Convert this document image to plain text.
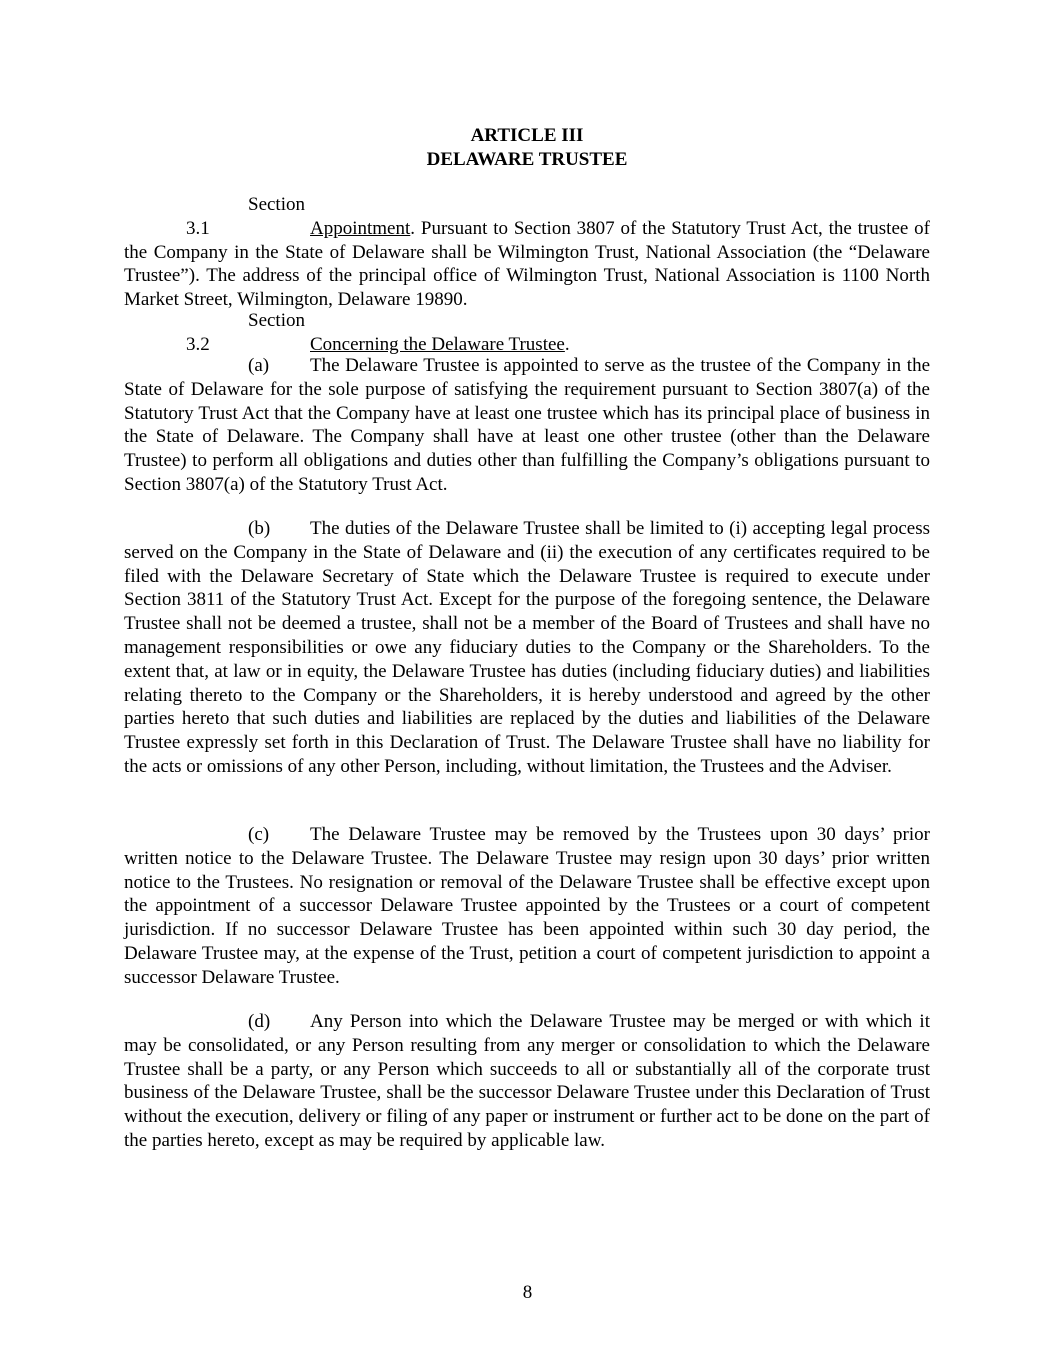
ARTICLE III
DELAWARE TRUSTEE
Section 3.1	Appointment. Pursuant to Section 3807 of the Statutory Trust Act, the trustee of the Company in the State of Delaware shall be Wilmington Trust, National Association (the “Delaware Trustee”). The address of the principal office of Wilmington Trust, National Association is 1100 North Market Street, Wilmington, Delaware 19890.
Section 3.2	Concerning the Delaware Trustee.
(a) The Delaware Trustee is appointed to serve as the trustee of the Company in the State of Delaware for the sole purpose of satisfying the requirement pursuant to Section 3807(a) of the Statutory Trust Act that the Company have at least one trustee which has its principal place of business in the State of Delaware. The Company shall have at least one other trustee (other than the Delaware Trustee) to perform all obligations and duties other than fulfilling the Company’s obligations pursuant to Section 3807(a) of the Statutory Trust Act.
(b) The duties of the Delaware Trustee shall be limited to (i) accepting legal process served on the Company in the State of Delaware and (ii) the execution of any certificates required to be filed with the Delaware Secretary of State which the Delaware Trustee is required to execute under Section 3811 of the Statutory Trust Act. Except for the purpose of the foregoing sentence, the Delaware Trustee shall not be deemed a trustee, shall not be a member of the Board of Trustees and shall have no management responsibilities or owe any fiduciary duties to the Company or the Shareholders. To the extent that, at law or in equity, the Delaware Trustee has duties (including fiduciary duties) and liabilities relating thereto to the Company or the Shareholders, it is hereby understood and agreed by the other parties hereto that such duties and liabilities are replaced by the duties and liabilities of the Delaware Trustee expressly set forth in this Declaration of Trust. The Delaware Trustee shall have no liability for the acts or omissions of any other Person, including, without limitation, the Trustees and the Adviser.
(c) The Delaware Trustee may be removed by the Trustees upon 30 days’ prior written notice to the Delaware Trustee. The Delaware Trustee may resign upon 30 days’ prior written notice to the Trustees. No resignation or removal of the Delaware Trustee shall be effective except upon the appointment of a successor Delaware Trustee appointed by the Trustees or a court of competent jurisdiction. If no successor Delaware Trustee has been appointed within such 30 day period, the Delaware Trustee may, at the expense of the Trust, petition a court of competent jurisdiction to appoint a successor Delaware Trustee.
(d) Any Person into which the Delaware Trustee may be merged or with which it may be consolidated, or any Person resulting from any merger or consolidation to which the Delaware Trustee shall be a party, or any Person which succeeds to all or substantially all of the corporate trust business of the Delaware Trustee, shall be the successor Delaware Trustee under this Declaration of Trust without the execution, delivery or filing of any paper or instrument or further act to be done on the part of the parties hereto, except as may be required by applicable law.
8
